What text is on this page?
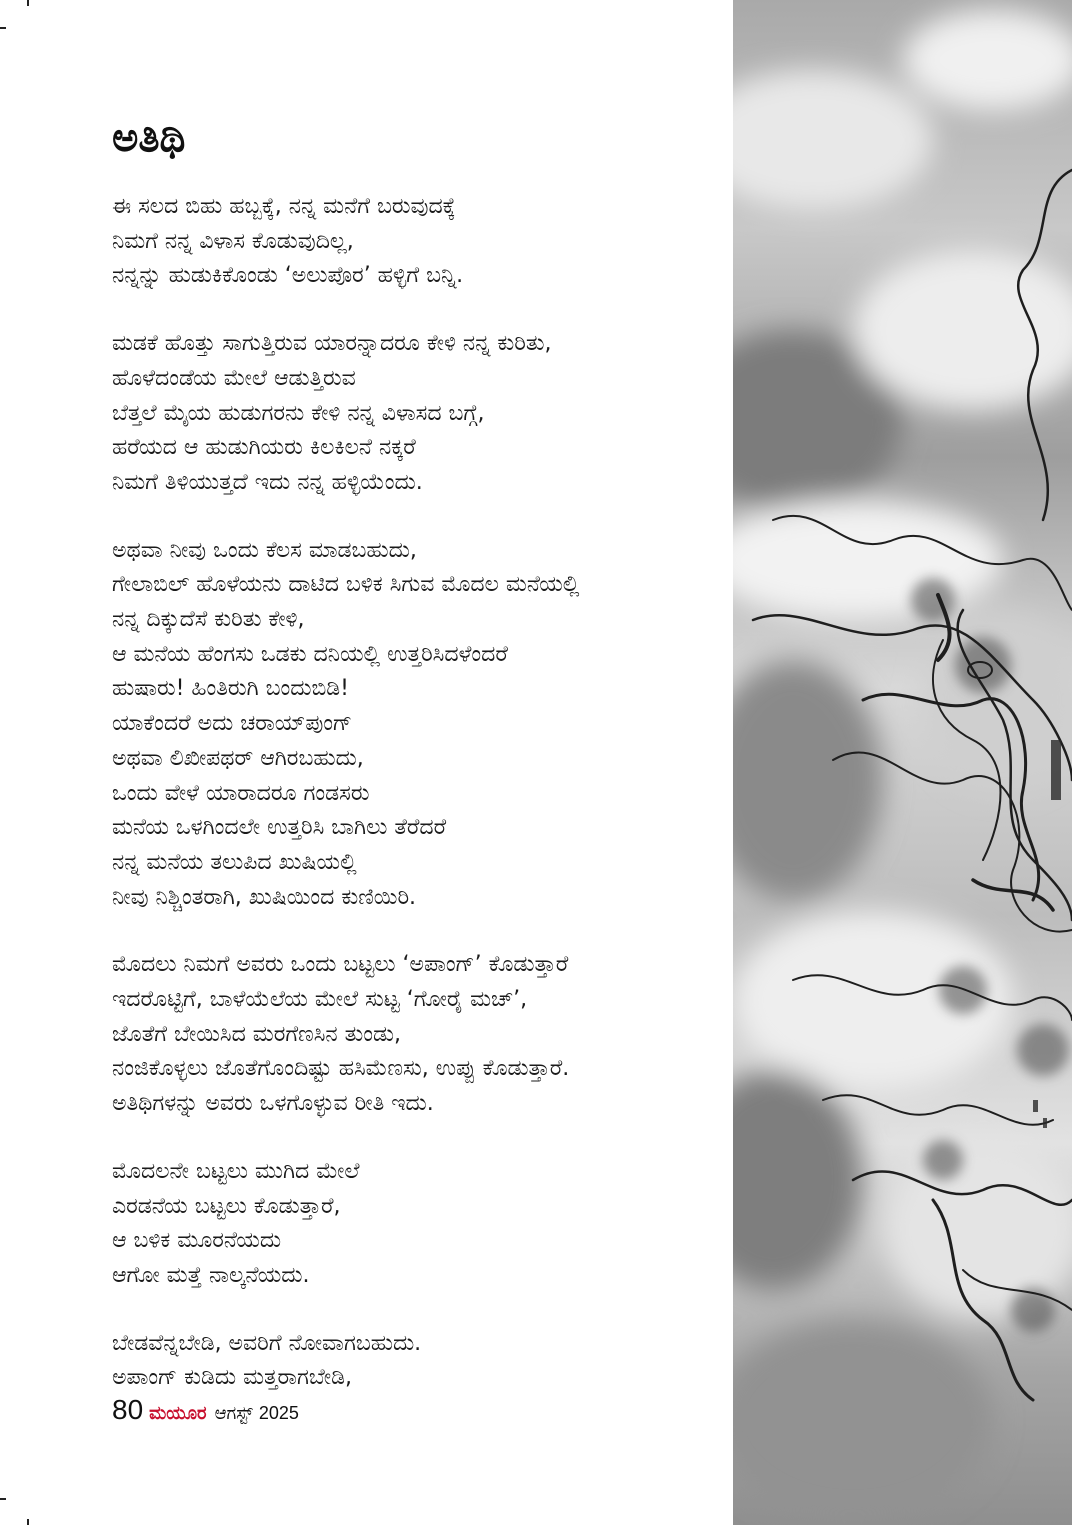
ಅತಿಥಿ
ಈ ಸಲದ ಬಿಹು ಹಬ್ಬಕ್ಕೆ, ನನ್ನ ಮನೆಗೆ ಬರುವುದಕ್ಕೆ
ನಿಮಗೆ ನನ್ನ ವಿಳಾಸ ಕೊಡುವುದಿಲ್ಲ,
ನನ್ನನ್ನು ಹುಡುಕಿಕೊಂಡು ‘ಅಲುಪೊರ’ ಹಳ್ಳಿಗೆ ಬನ್ನಿ.
ಮಡಕೆ ಹೊತ್ತು ಸಾಗುತ್ತಿರುವ ಯಾರನ್ನಾದರೂ ಕೇಳಿ ನನ್ನ ಕುರಿತು,
ಹೊಳೆದಂಡೆಯ ಮೇಲೆ ಆಡುತ್ತಿರುವ
ಬೆತ್ತಲೆ ಮೈಯ ಹುಡುಗರನು ಕೇಳಿ ನನ್ನ ವಿಳಾಸದ ಬಗ್ಗೆ,
ಹರೆಯದ ಆ ಹುಡುಗಿಯರು ಕಿಲಕಿಲನೆ ನಕ್ಕರೆ
ನಿಮಗೆ ತಿಳಿಯುತ್ತದೆ ಇದು ನನ್ನ ಹಳ್ಳಿಯೆಂದು.
ಅಥವಾ ನೀವು ಒಂದು ಕೆಲಸ ಮಾಡಬಹುದು,
ಗೇಲಾಬಿಲ್ ಹೊಳೆಯನು ದಾಟಿದ ಬಳಿಕ ಸಿಗುವ ಮೊದಲ ಮನೆಯಲ್ಲಿ
ನನ್ನ ದಿಕ್ಕುದೆಸೆ ಕುರಿತು ಕೇಳಿ,
ಆ ಮನೆಯ ಹೆಂಗಸು ಒಡಕು ದನಿಯಲ್ಲಿ ಉತ್ತರಿಸಿದಳೆಂದರೆ
ಹುಷಾರು! ಹಿಂತಿರುಗಿ ಬಂದುಬಿಡಿ!
ಯಾಕೆಂದರೆ ಅದು ಚರಾಯ್‌ಪುಂಗ್
ಅಥವಾ ಲಿಖೀಪಥರ್ ಆಗಿರಬಹುದು,
ಒಂದು ವೇಳೆ ಯಾರಾದರೂ ಗಂಡಸರು
ಮನೆಯ ಒಳಗಿಂದಲೇ ಉತ್ತರಿಸಿ ಬಾಗಿಲು ತೆರೆದರೆ
ನನ್ನ ಮನೆಯ ತಲುಪಿದ ಖುಷಿಯಲ್ಲಿ
ನೀವು ನಿಶ್ಚಿಂತರಾಗಿ, ಖುಷಿಯಿಂದ ಕುಣಿಯಿರಿ.
ಮೊದಲು ನಿಮಗೆ ಅವರು ಒಂದು ಬಟ್ಟಲು ‘ಅಪಾಂಗ್’ ಕೊಡುತ್ತಾರೆ
ಇದರೊಟ್ಟಿಗೆ, ಬಾಳೆಯೆಲೆಯ ಮೇಲೆ ಸುಟ್ಟ ‘ಗೋರೈ ಮಚ್’,
ಜೊತೆಗೆ ಬೇಯಿಸಿದ ಮರಗೆಣಸಿನ ತುಂಡು,
ನಂಜಿಕೊಳ್ಳಲು ಜೊತೆಗೊಂದಿಷ್ಟು ಹಸಿಮೆಣಸು, ಉಪ್ಪು ಕೊಡುತ್ತಾರೆ.
ಅತಿಥಿಗಳನ್ನು ಅವರು ಒಳಗೊಳ್ಳುವ ರೀತಿ ಇದು.
ಮೊದಲನೇ ಬಟ್ಟಲು ಮುಗಿದ ಮೇಲೆ
ಎರಡನೆಯ ಬಟ್ಟಲು ಕೊಡುತ್ತಾರೆ,
ಆ ಬಳಿಕ ಮೂರನೆಯದು
ಆಗೋ ಮತ್ತೆ ನಾಲ್ಕನೆಯದು.
ಬೇಡವೆನ್ನಬೇಡಿ, ಅವರಿಗೆ ನೋವಾಗಬಹುದು.
ಅಪಾಂಗ್ ಕುಡಿದು ಮತ್ತರಾಗಬೇಡಿ,
80 ಮಯೂರ ಆಗಸ್ಟ್ 2025
